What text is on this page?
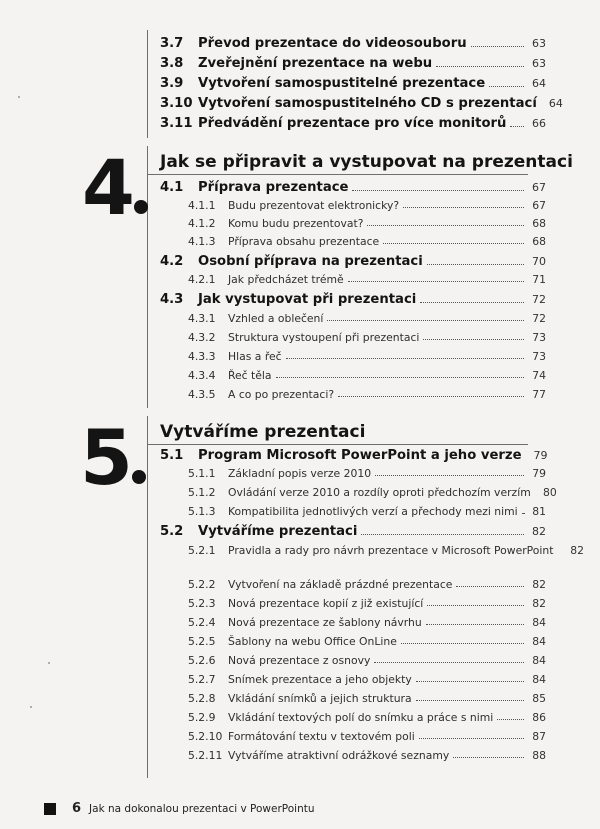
3.7	Převod prezentace do videosouboru	63
3.8	Zveřejnění prezentace na webu	63
3.9	Vytvoření samospustitelné prezentace	64
3.10 Vytvoření samospustitelného CD s prezentací	64
3.11 Předvádění prezentace pro více monitorů	66
4	Jak se připravit a vystupovat na prezentaci
4.1	Příprava prezentace	67
4.1.1	Budu prezentovat elektronicky?	67
4.1.2	Komu budu prezentovat?	68
4.1.3	Příprava obsahu prezentace	68
4.2	Osobní příprava na prezentaci	70
4.2.1	Jak předcházet trémě	71
4.3	Jak vystupovat při prezentaci	72
4.3.1	Vzhled a oblečení	72
4.3.2	Struktura vystoupení při prezentaci	73
4.3.3	Hlas a řeč	73
4.3.4	Řeč těla	74
4.3.5	A co po prezentaci?	77
5	Vytváříme prezentaci
5.1	Program Microsoft PowerPoint a jeho verze	79
5.1.1	Základní popis verze 2010	79
5.1.2	Ovládání verze 2010 a rozdíly oproti předchozím verzím	80
5.1.3	Kompatibilita jednotlivých verzí a přechody mezi nimi	81
5.2	Vytváříme prezentaci	82
5.2.1	Pravidla a rady pro návrh prezentace v Microsoft PowerPoint	82
5.2.2	Vytvoření na základě prázdné prezentace	82
5.2.3	Nová prezentace kopií z již existující	82
5.2.4	Nová prezentace ze šablony návrhu	84
5.2.5	Šablony na webu Office OnLine	84
5.2.6	Nová prezentace z osnovy	84
5.2.7	Snímek prezentace a jeho objekty	84
5.2.8	Vkládání snímků a jejich struktura	85
5.2.9	Vkládání textových polí do snímku a práce s nimi	86
5.2.10 Formátování textu v textovém poli	87
5.2.11 Vytváříme atraktivní odrážkové seznamy	88
6 Jak na dokonalou prezentaci v PowerPointu
